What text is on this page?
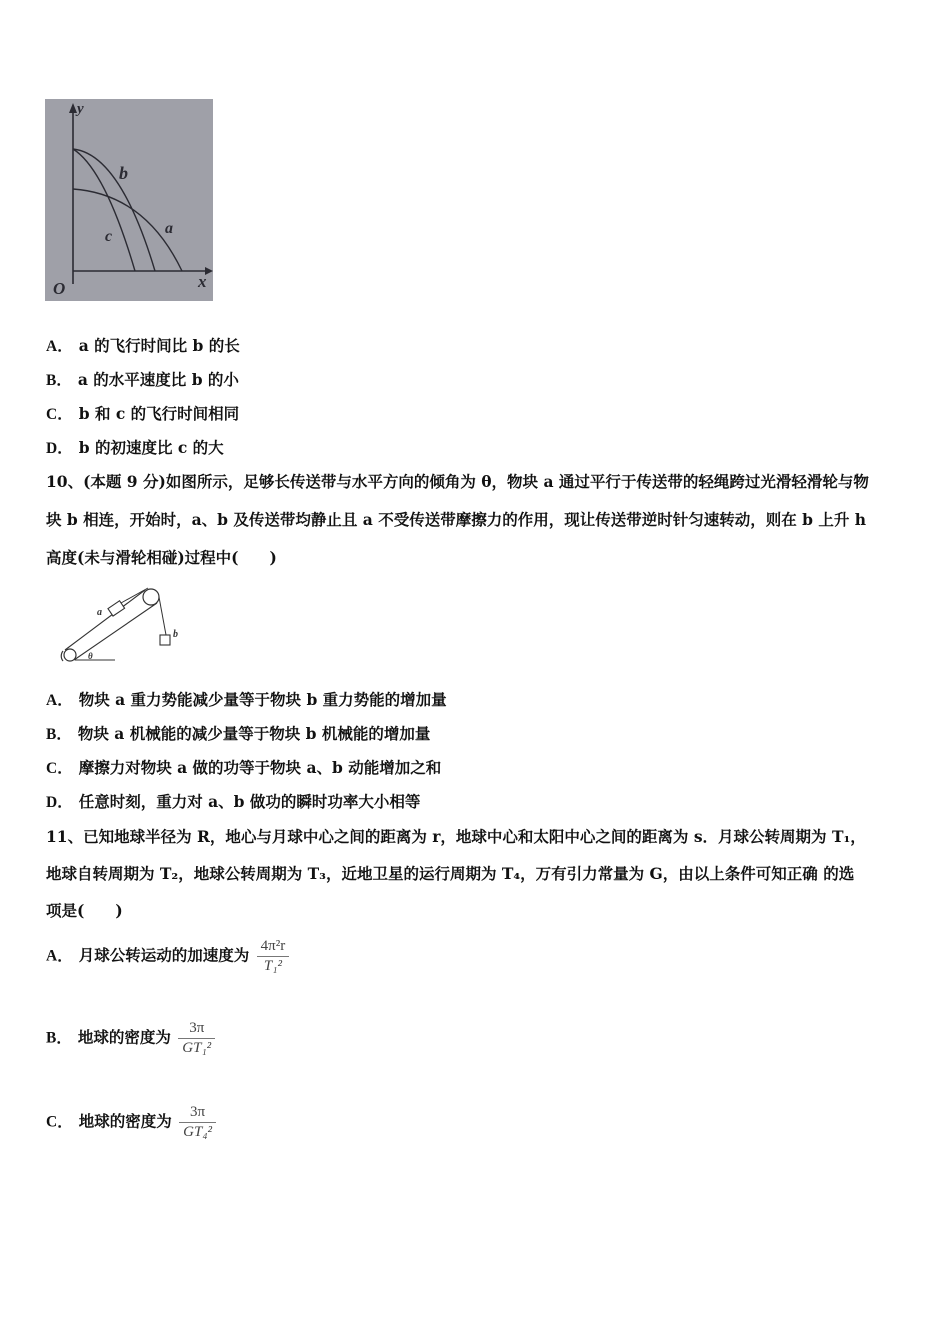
y
x
O
b
c	a
A． a 的飞行时间比 b 的长
B． a 的水平速度比 b 的小
C． b 和 c 的飞行时间相同
D． b 的初速度比 c 的大
10、(本题 9 分)如图所示，足够长传送带与水平方向的倾角为 θ，物块 a 通过平行于传送带的轻绳跨过光滑轻滑轮与物
块 b 相连，开始时，a、b 及传送带均静止且 a 不受传送带摩擦力的作用，现让传送带逆时针匀速转动，则在 b 上升 h
高度(未与滑轮相碰)过程中(　　)
a
b
θ
A． 物块 a 重力势能减少量等于物块 b 重力势能的增加量
B． 物块 a 机械能的减少量等于物块 b 机械能的增加量
C． 摩擦力对物块 a 做的功等于物块 a、b 动能增加之和
D． 任意时刻，重力对 a、b 做功的瞬时功率大小相等
11、已知地球半径为 R，地心与月球中心之间的距离为 r，地球中心和太阳中心之间的距离为 s．月球公转周期为 T₁，
地球自转周期为 T₂，地球公转周期为 T₃，近地卫星的运行周期为 T₄，万有引力常量为 G，由以上条件可知正确 的选
项是(　　)
A． 月球公转运动的加速度为 $\frac{\text{4π²r}}{\text{T₁²}}$
B． 地球的密度为 $\frac{3\pi}{\text{GT₁²}}$
C． 地球的密度为 $\frac{3\pi}{\text{GT₄²}}$
